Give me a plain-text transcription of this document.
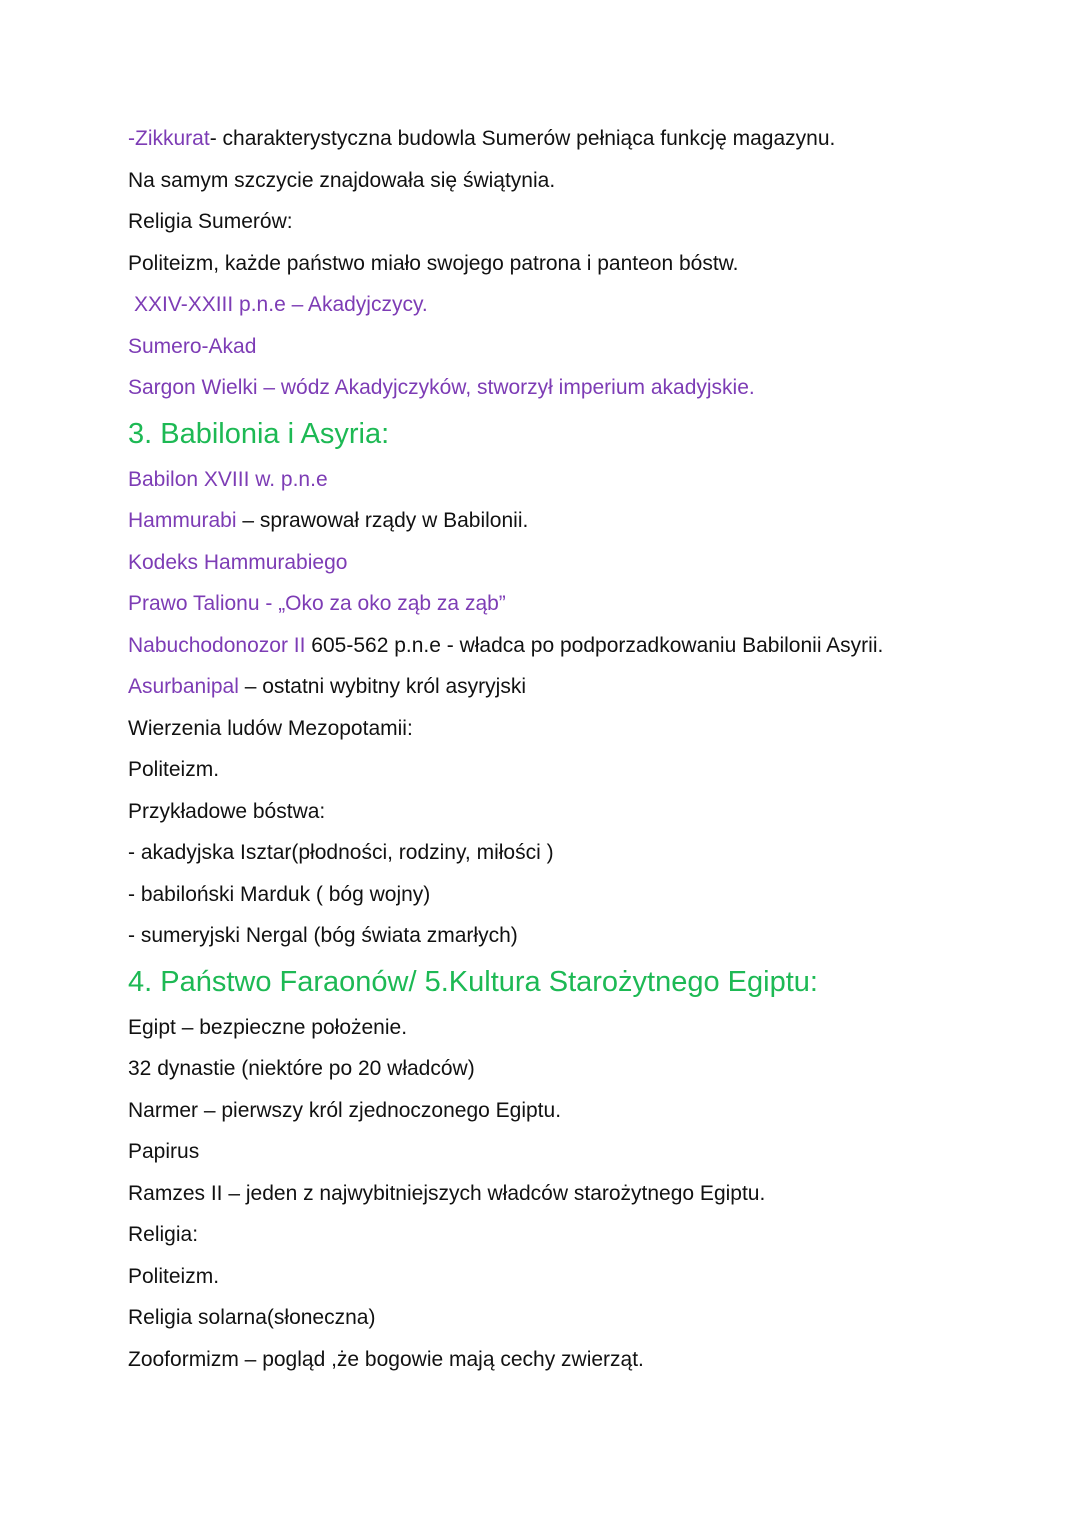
-Zikkurat- charakterystyczna budowla Sumerów pełniąca funkcję magazynu.
Na samym szczycie znajdowała się świątynia.
Religia Sumerów:
Politeizm, każde państwo miało swojego patrona i panteon bóstw.
XXIV-XXIII p.n.e – Akadyjczycy.
Sumero-Akad
Sargon Wielki – wódz Akadyjczyków, stworzył imperium akadyjskie.
3. Babilonia i Asyria:
Babilon XVIII w. p.n.e
Hammurabi – sprawował rządy w Babilonii.
Kodeks Hammurabiego
Prawo Talionu - „Oko za oko ząb za ząb”
Nabuchodonozor II 605-562 p.n.e - władca po podporzadkowaniu Babilonii Asyrii.
Asurbanipal – ostatni wybitny król asyryjski
Wierzenia ludów Mezopotamii:
Politeizm.
Przykładowe bóstwa:
- akadyjska Isztar(płodności, rodziny, miłości )
- babiloński Marduk ( bóg wojny)
- sumeryjski Nergal (bóg świata zmarłych)
4. Państwo Faraonów/ 5.Kultura Starożytnego Egiptu:
Egipt – bezpieczne położenie.
32 dynastie (niektóre po 20 władców)
Narmer – pierwszy król zjednoczonego Egiptu.
Papirus
Ramzes II – jeden z najwybitniejszych władców starożytnego Egiptu.
Religia:
Politeizm.
Religia solarna(słoneczna)
Zooformizm – pogląd ,że bogowie mają cechy zwierząt.
